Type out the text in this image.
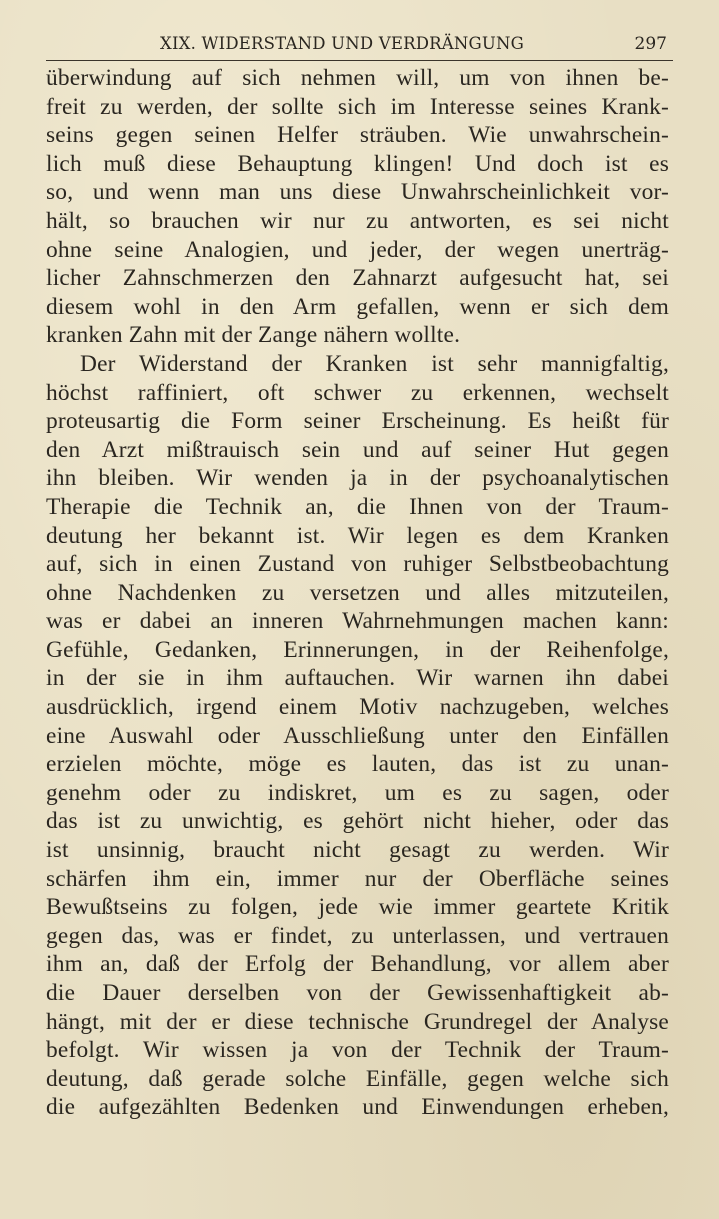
XIX. WIDERSTAND UND VERDRÄNGUNG	297
überwindung auf sich nehmen will, um von ihnen be-
freit zu werden, der sollte sich im Interesse seines Krank-
seins gegen seinen Helfer sträuben. Wie unwahrschein-
lich muß diese Behauptung klingen! Und doch ist es
so, und wenn man uns diese Unwahrscheinlichkeit vor-
hält, so brauchen wir nur zu antworten, es sei nicht
ohne seine Analogien, und jeder, der wegen unerträg-
licher Zahnschmerzen den Zahnarzt aufgesucht hat, sei
diesem wohl in den Arm gefallen, wenn er sich dem
kranken Zahn mit der Zange nähern wollte.
Der Widerstand der Kranken ist sehr mannigfaltig,
höchst raffiniert, oft schwer zu erkennen, wechselt
proteusartig die Form seiner Erscheinung. Es heißt für
den Arzt mißtrauisch sein und auf seiner Hut gegen
ihn bleiben. Wir wenden ja in der psychoanalytischen
Therapie die Technik an, die Ihnen von der Traum-
deutung her bekannt ist. Wir legen es dem Kranken
auf, sich in einen Zustand von ruhiger Selbstbeobachtung
ohne Nachdenken zu versetzen und alles mitzuteilen,
was er dabei an inneren Wahrnehmungen machen kann:
Gefühle, Gedanken, Erinnerungen, in der Reihenfolge,
in der sie in ihm auftauchen. Wir warnen ihn dabei
ausdrücklich, irgend einem Motiv nachzugeben, welches
eine Auswahl oder Ausschließung unter den Einfällen
erzielen möchte, möge es lauten, das ist zu unan-
genehm oder zu indiskret, um es zu sagen, oder
das ist zu unwichtig, es gehört nicht hieher, oder das
ist unsinnig, braucht nicht gesagt zu werden. Wir
schärfen ihm ein, immer nur der Oberfläche seines
Bewußtseins zu folgen, jede wie immer geartete Kritik
gegen das, was er findet, zu unterlassen, und vertrauen
ihm an, daß der Erfolg der Behandlung, vor allem aber
die Dauer derselben von der Gewissenhaftigkeit ab-
hängt, mit der er diese technische Grundregel der Analyse
befolgt. Wir wissen ja von der Technik der Traum-
deutung, daß gerade solche Einfälle, gegen welche sich
die aufgezählten Bedenken und Einwendungen erheben,
